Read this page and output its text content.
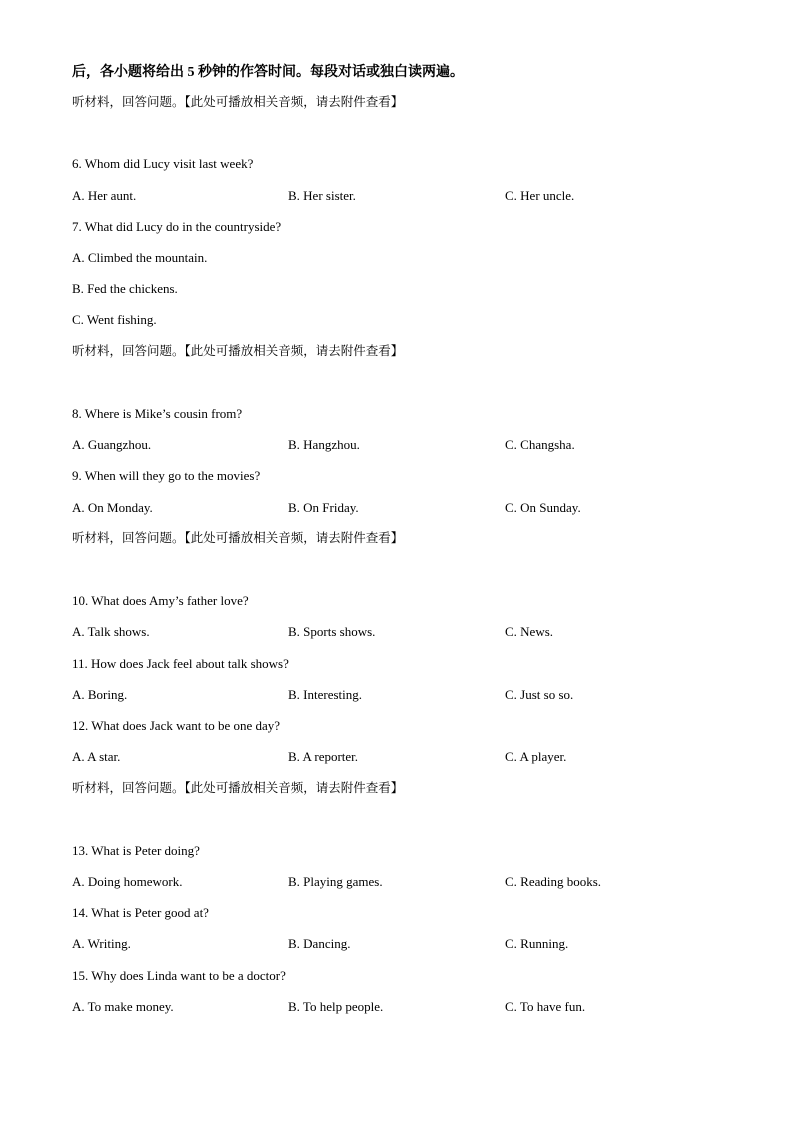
后，各小题将给出 5 秒钟的作答时间。每段对话或独白读两遍。
听材料，回答问题。【此处可播放相关音频，请去附件查看】
6. Whom did Lucy visit last week?
A. Her aunt.	B. Her sister.	C. Her uncle.
7. What did Lucy do in the countryside?
A. Climbed the mountain.
B. Fed the chickens.
C. Went fishing.
听材料，回答问题。【此处可播放相关音频，请去附件查看】
8. Where is Mike’s cousin from?
A. Guangzhou.	B. Hangzhou.	C. Changsha.
9. When will they go to the movies?
A. On Monday.	B. On Friday.	C. On Sunday.
听材料，回答问题。【此处可播放相关音频，请去附件查看】
10. What does Amy’s father love?
A. Talk shows.	B. Sports shows.	C. News.
11. How does Jack feel about talk shows?
A. Boring.	B. Interesting.	C. Just so so.
12. What does Jack want to be one day?
A. A star.	B. A reporter.	C. A player.
听材料，回答问题。【此处可播放相关音频，请去附件查看】
13. What is Peter doing?
A. Doing homework.	B. Playing games.	C. Reading books.
14. What is Peter good at?
A. Writing.	B. Dancing.	C. Running.
15. Why does Linda want to be a doctor?
A. To make money.	B. To help people.	C. To have fun.
